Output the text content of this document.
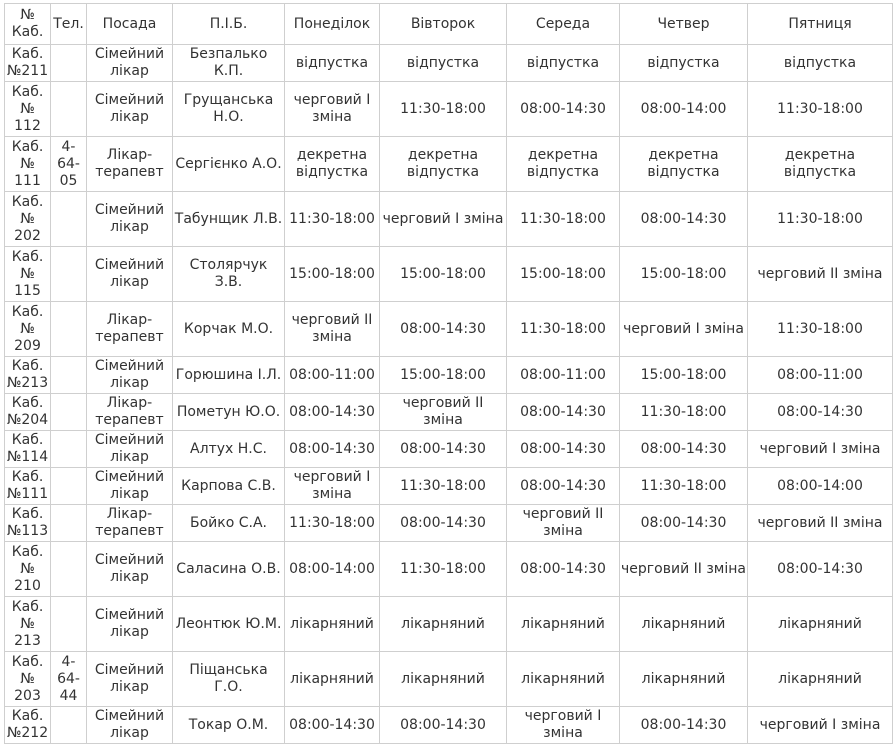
№ Каб.	Тел.	Посада	П.І.Б.	Понеділок	Вівторок	Середа	Четвер	Пятниця
Каб. №211		Сімейний лікар	Безпалько К.П.	відпустка	відпустка	відпустка	відпустка	відпустка
Каб. № 112		Сімейний лікар	Грущанська Н.О.	черговий І зміна	11:30-18:00	08:00-14:30	08:00-14:00	11:30-18:00
Каб. № 111	4-64-05	Лікар-терапевт	Сергієнко А.О.	декретна відпустка	декретна відпустка	декретна відпустка	декретна відпустка	декретна відпустка
Каб. № 202		Сімейний лікар	Табунщик Л.В.	11:30-18:00	черговий І зміна	11:30-18:00	08:00-14:30	11:30-18:00
Каб. № 115		Сімейний лікар	Столярчук З.В.	15:00-18:00	15:00-18:00	15:00-18:00	15:00-18:00	черговий ІІ зміна
Каб. № 209		Лікар-терапевт	Корчак М.О.	черговий ІІ зміна	08:00-14:30	11:30-18:00	черговий І зміна	11:30-18:00
Каб. №213		Сімейний лікар	Горюшина І.Л.	08:00-11:00	15:00-18:00	08:00-11:00	15:00-18:00	08:00-11:00
Каб. №204		Лікар-терапевт	Пометун Ю.О.	08:00-14:30	черговий ІІ зміна	08:00-14:30	11:30-18:00	08:00-14:30
Каб. №114		Сімейний лікар	Алтух Н.С.	08:00-14:30	08:00-14:30	08:00-14:30	08:00-14:30	черговий І зміна
Каб. №111		Сімейний лікар	Карпова С.В.	черговий І зміна	11:30-18:00	08:00-14:30	11:30-18:00	08:00-14:00
Каб. №113		Лікар-терапевт	Бойко С.А.	11:30-18:00	08:00-14:30	черговий ІІ зміна	08:00-14:30	черговий ІІ зміна
Каб. № 210		Сімейний лікар	Саласина О.В.	08:00-14:00	11:30-18:00	08:00-14:30	черговий ІІ зміна	08:00-14:30
Каб. № 213		Сімейний лікар	Леонтюк Ю.М.	лікарняний	лікарняний	лікарняний	лікарняний	лікарняний
Каб. № 203	4-64-44	Сімейний лікар	Піщанська Г.О.	лікарняний	лікарняний	лікарняний	лікарняний	лікарняний
Каб. №212		Сімейний лікар	Токар О.М.	08:00-14:30	08:00-14:30	черговий І зміна	08:00-14:30	черговий І зміна
